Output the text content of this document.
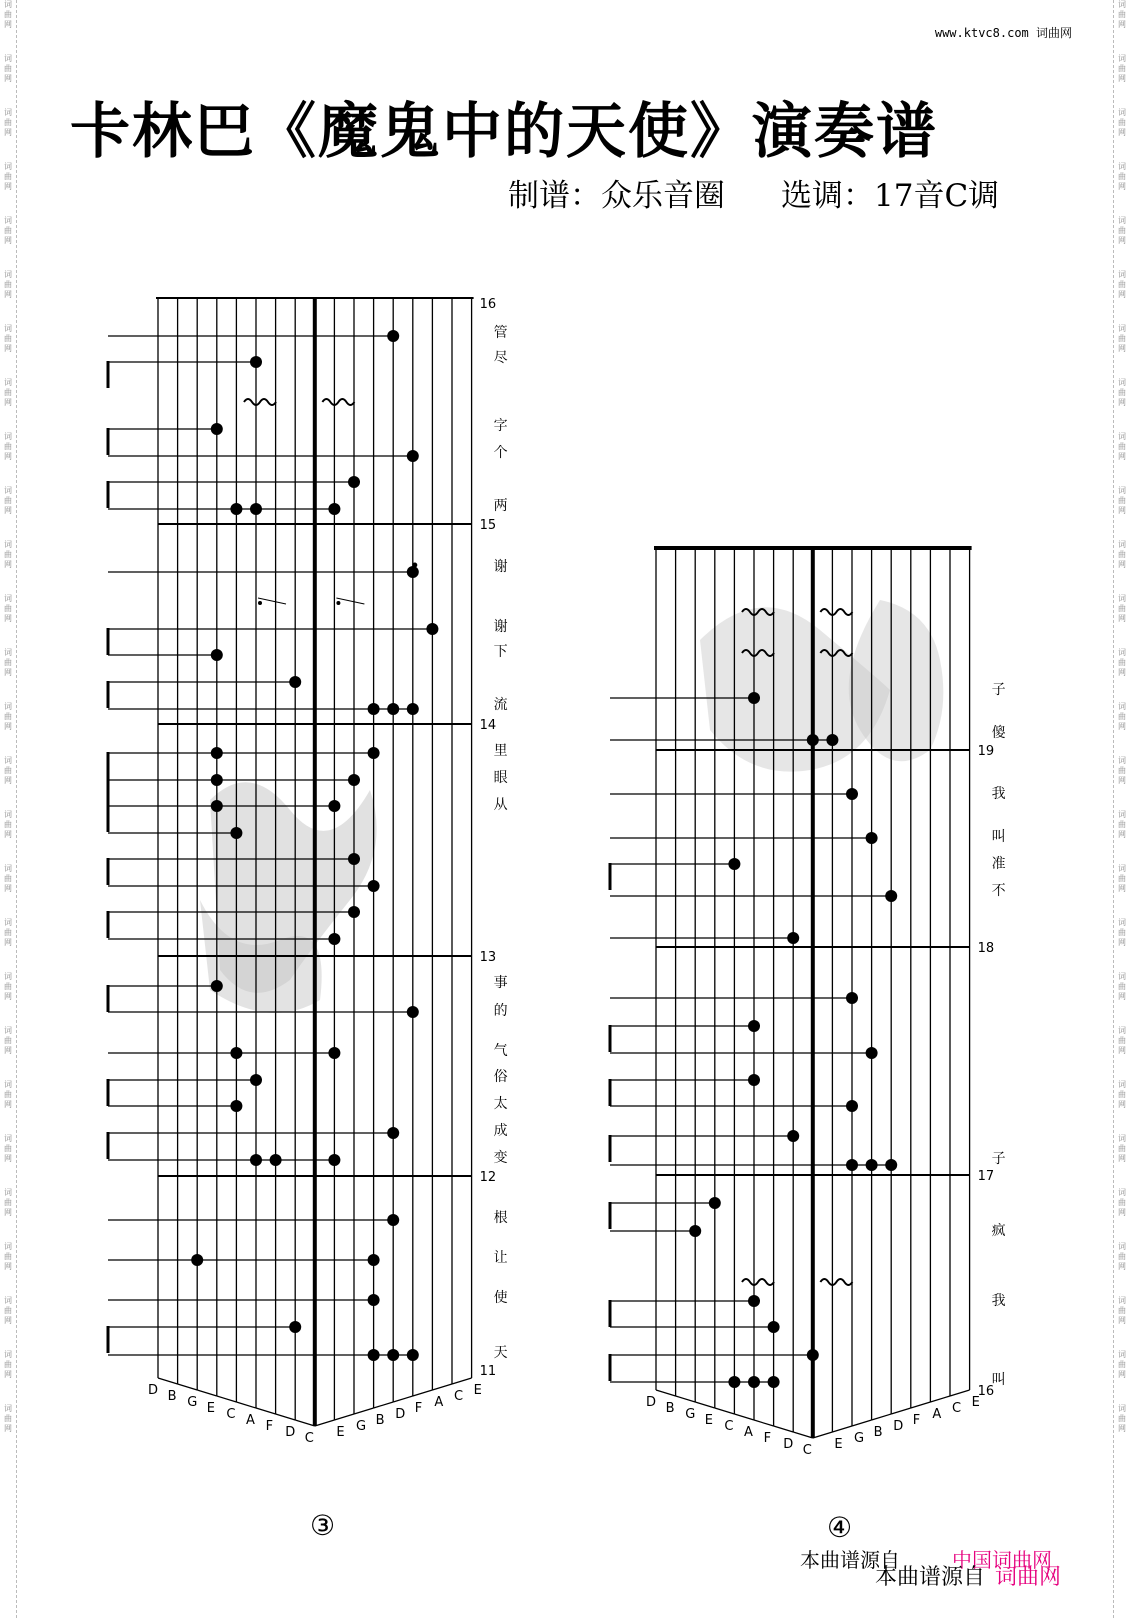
词
曲
网
词
曲
网
词
曲
网
词
曲
网
词
曲
网
词
曲
网
词
曲
网
词
曲
网
词
曲
网
词
曲
网
词
曲
网
词
曲
网
词
曲
网
词
曲
网
词
曲
网
词
曲
网
词
曲
网
词
曲
网
词
曲
网
词
曲
网
词
曲
网
词
曲
网
词
曲
网
词
曲
网
词
曲
网
词
曲
网
词
曲
网
词
曲
网
词
曲
网
词
曲
网
词
曲
网
词
曲
网
词
曲
网
词
曲
网
词
曲
网
词
曲
网
词
曲
网
词
曲
网
词
曲
网
词
曲
网
词
曲
网
词
曲
网
词
曲
网
词
曲
网
词
曲
网
词
曲
网
词
曲
网
词
曲
网
词
曲
网
词
曲
网
词
曲
网
词
曲
网
词
曲
网
词
曲
网
www.ktvc8.com 词曲网
卡林巴《魔鬼中的天使》演奏谱
制谱：众乐音圈 选调：17音C调
D B G E C A F D C E G B D F A C E
16
管
尽
15
字
个
两
14
谢
谢
下
流
13
里
眼
从
12
事
的
气
俗
太
成
变
11
根
让
使
天
D B G E C A F D C E G B D F A C E
19
子
傻
18
我
叫
准
不
17
子
16
疯
我
叫
③	④
本曲谱源自	中国词曲网
本曲谱源自 词曲网
